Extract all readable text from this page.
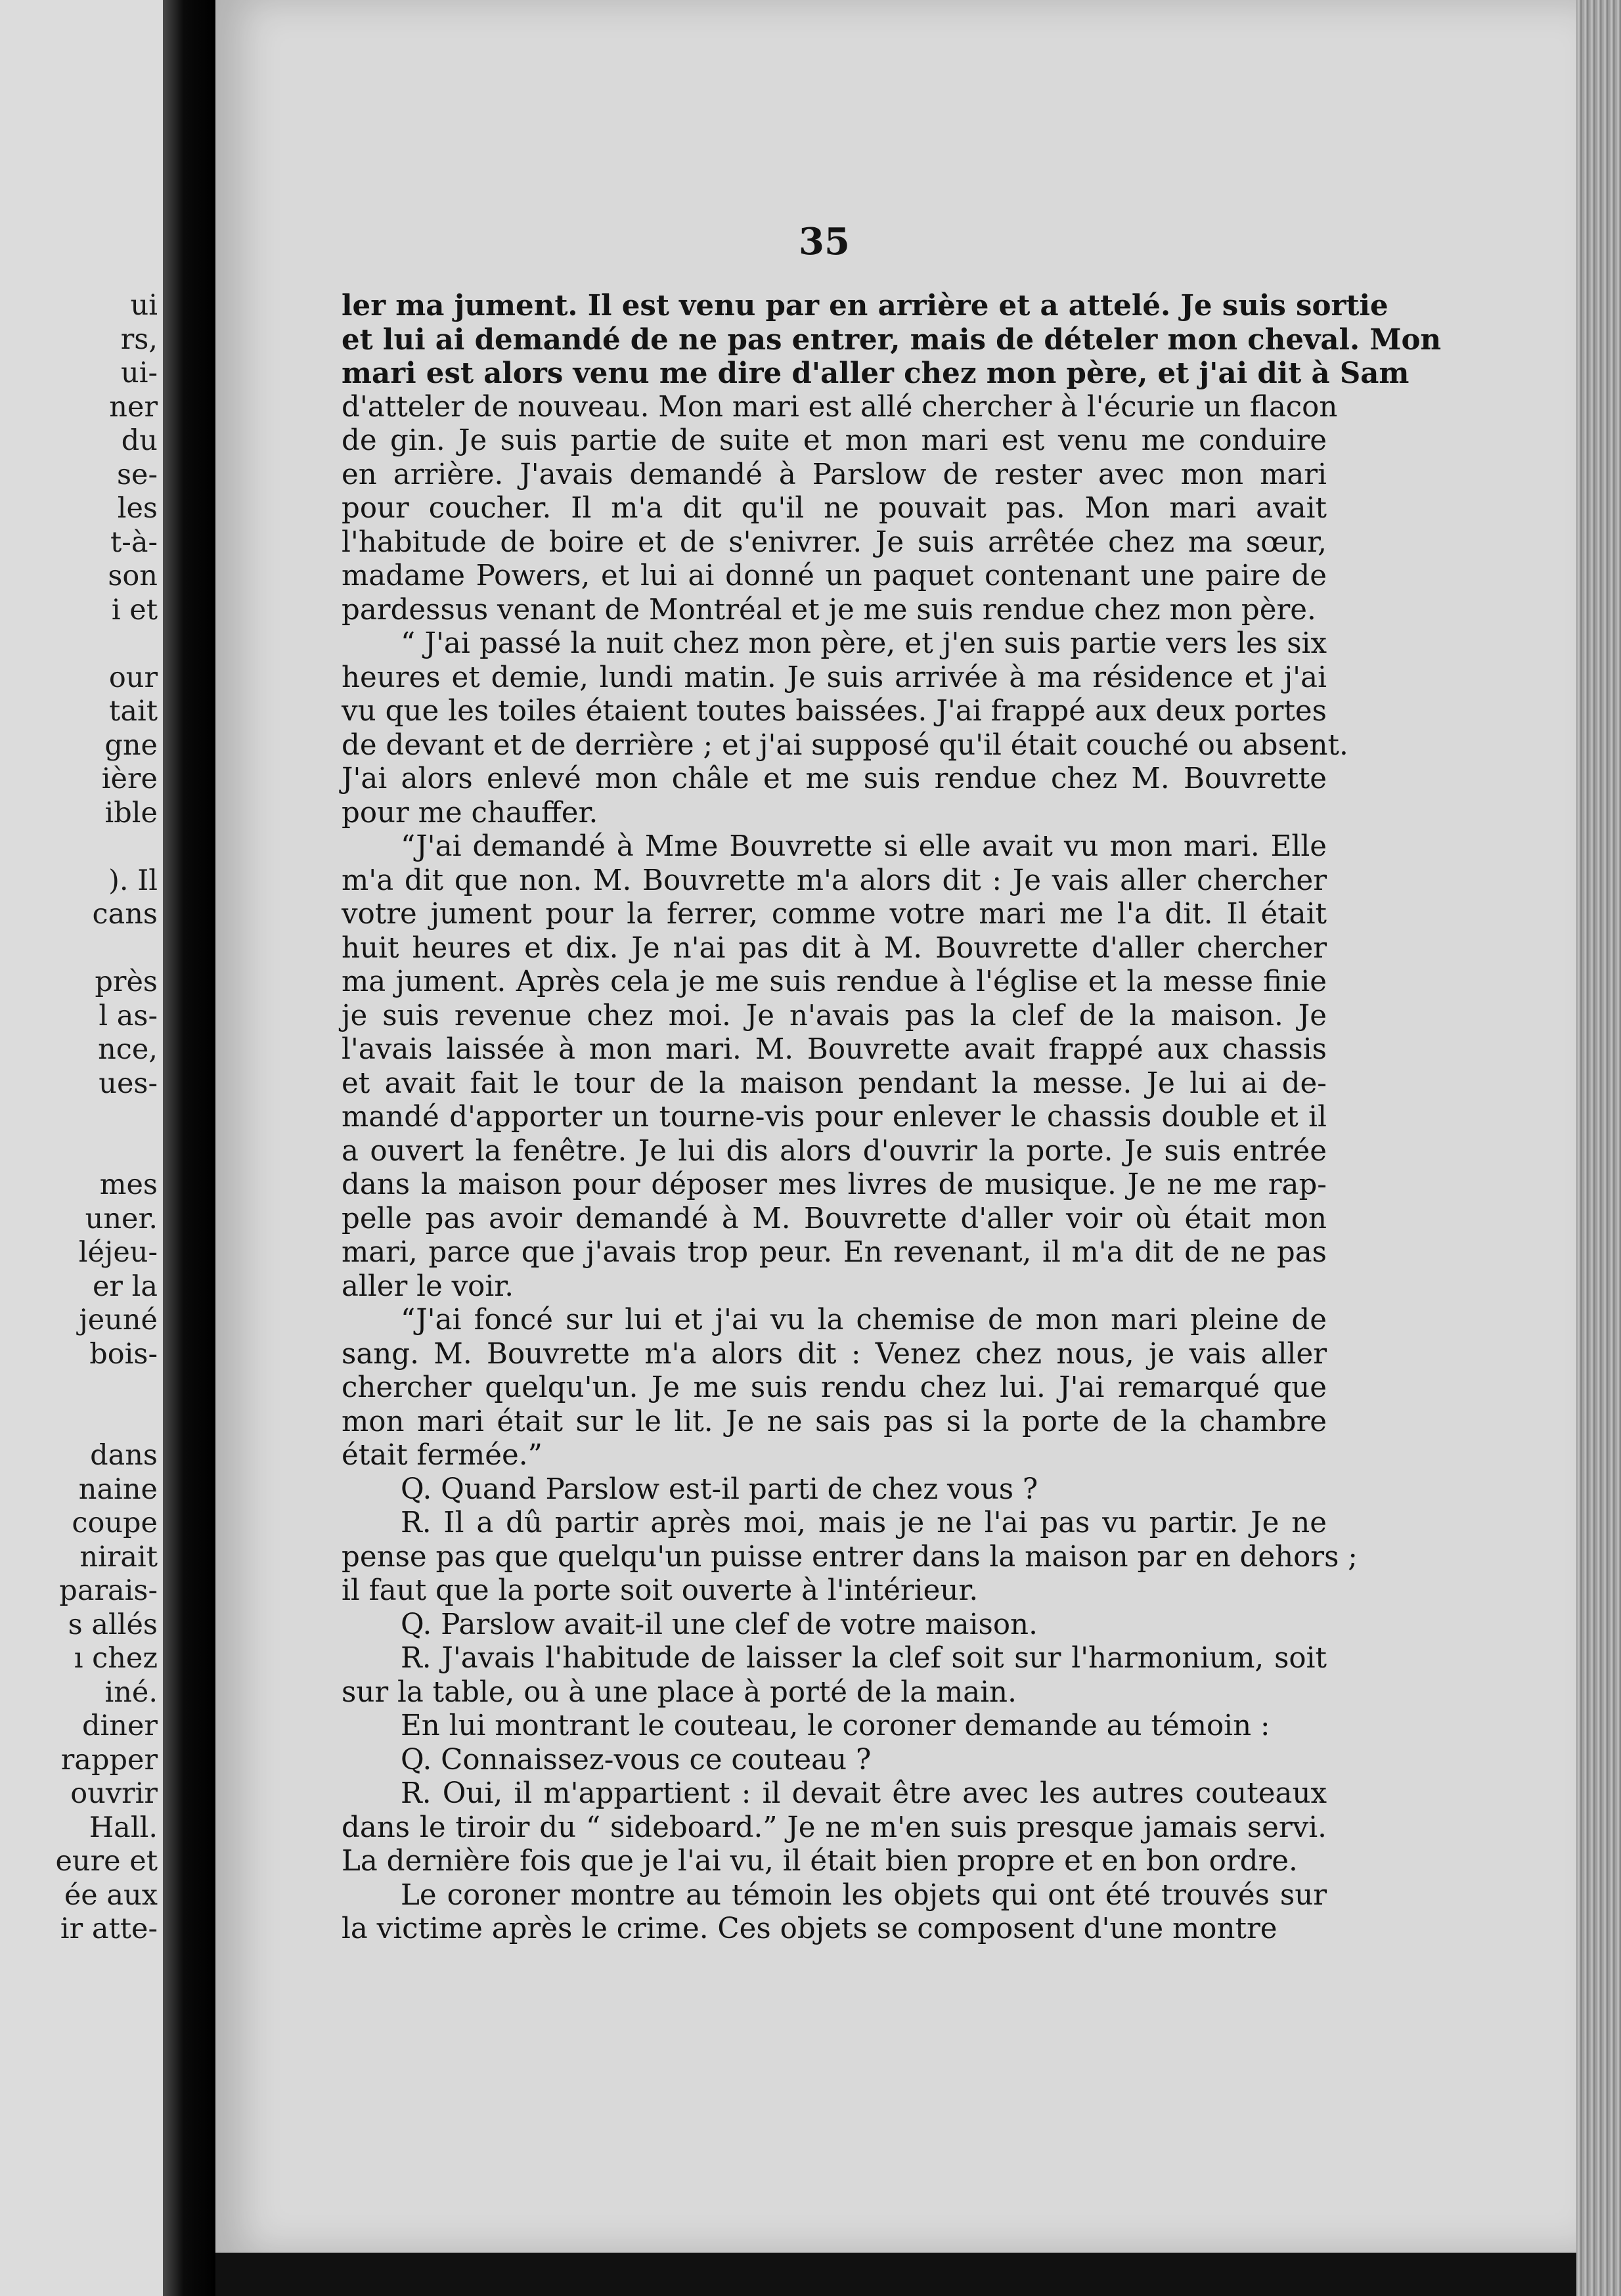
ui
rs,
ui-
ner
du
se-
les
t-à-
son
i et
our
tait
gne
ière
ible
). Il
cans
près
l as-
nce,
ues-
mes
uner.
léjeu-
er la
jeuné
bois-
dans
naine
coupe
nirait
parais-
s allés
ı chez
iné.
diner
rapper
ouvrir
Hall.
eure et
ée aux
ir atte-
35
ler ma jument. Il est venu par en arrière et a attelé. Je suis sortie
et lui ai demandé de ne pas entrer, mais de dételer mon cheval. Mon
mari est alors venu me dire d'aller chez mon père, et j'ai dit à Sam
d'atteler de nouveau. Mon mari est allé chercher à l'écurie un flacon
de gin. Je suis partie de suite et mon mari est venu me conduire
en arrière. J'avais demandé à Parslow de rester avec mon mari
pour coucher. Il m'a dit qu'il ne pouvait pas. Mon mari avait
l'habitude de boire et de s'enivrer. Je suis arrêtée chez ma sœur,
madame Powers, et lui ai donné un paquet contenant une paire de
pardessus venant de Montréal et je me suis rendue chez mon père.
“ J'ai passé la nuit chez mon père, et j'en suis partie vers les six
heures et demie, lundi matin. Je suis arrivée à ma résidence et j'ai
vu que les toiles étaient toutes baissées. J'ai frappé aux deux portes
de devant et de derrière ; et j'ai supposé qu'il était couché ou absent.
J'ai alors enlevé mon châle et me suis rendue chez M. Bouvrette
pour me chauffer.
“J'ai demandé à Mme Bouvrette si elle avait vu mon mari. Elle
m'a dit que non. M. Bouvrette m'a alors dit : Je vais aller chercher
votre jument pour la ferrer, comme votre mari me l'a dit. Il était
huit heures et dix. Je n'ai pas dit à M. Bouvrette d'aller chercher
ma jument. Après cela je me suis rendue à l'église et la messe finie
je suis revenue chez moi. Je n'avais pas la clef de la maison. Je
l'avais laissée à mon mari. M. Bouvrette avait frappé aux chassis
et avait fait le tour de la maison pendant la messe. Je lui ai de-
mandé d'apporter un tourne-vis pour enlever le chassis double et il
a ouvert la fenêtre. Je lui dis alors d'ouvrir la porte. Je suis entrée
dans la maison pour déposer mes livres de musique. Je ne me rap-
pelle pas avoir demandé à M. Bouvrette d'aller voir où était mon
mari, parce que j'avais trop peur. En revenant, il m'a dit de ne pas
aller le voir.
“J'ai foncé sur lui et j'ai vu la chemise de mon mari pleine de
sang. M. Bouvrette m'a alors dit : Venez chez nous, je vais aller
chercher quelqu'un. Je me suis rendu chez lui. J'ai remarqué que
mon mari était sur le lit. Je ne sais pas si la porte de la chambre
était fermée.”
Q. Quand Parslow est-il parti de chez vous ?
R. Il a dû partir après moi, mais je ne l'ai pas vu partir. Je ne
pense pas que quelqu'un puisse entrer dans la maison par en dehors ;
il faut que la porte soit ouverte à l'intérieur.
Q. Parslow avait-il une clef de votre maison.
R. J'avais l'habitude de laisser la clef soit sur l'harmonium, soit
sur la table, ou à une place à porté de la main.
En lui montrant le couteau, le coroner demande au témoin :
Q. Connaissez-vous ce couteau ?
R. Oui, il m'appartient : il devait être avec les autres couteaux
dans le tiroir du “ sideboard.” Je ne m'en suis presque jamais servi.
La dernière fois que je l'ai vu, il était bien propre et en bon ordre.
Le coroner montre au témoin les objets qui ont été trouvés sur
la victime après le crime. Ces objets se composent d'une montre
